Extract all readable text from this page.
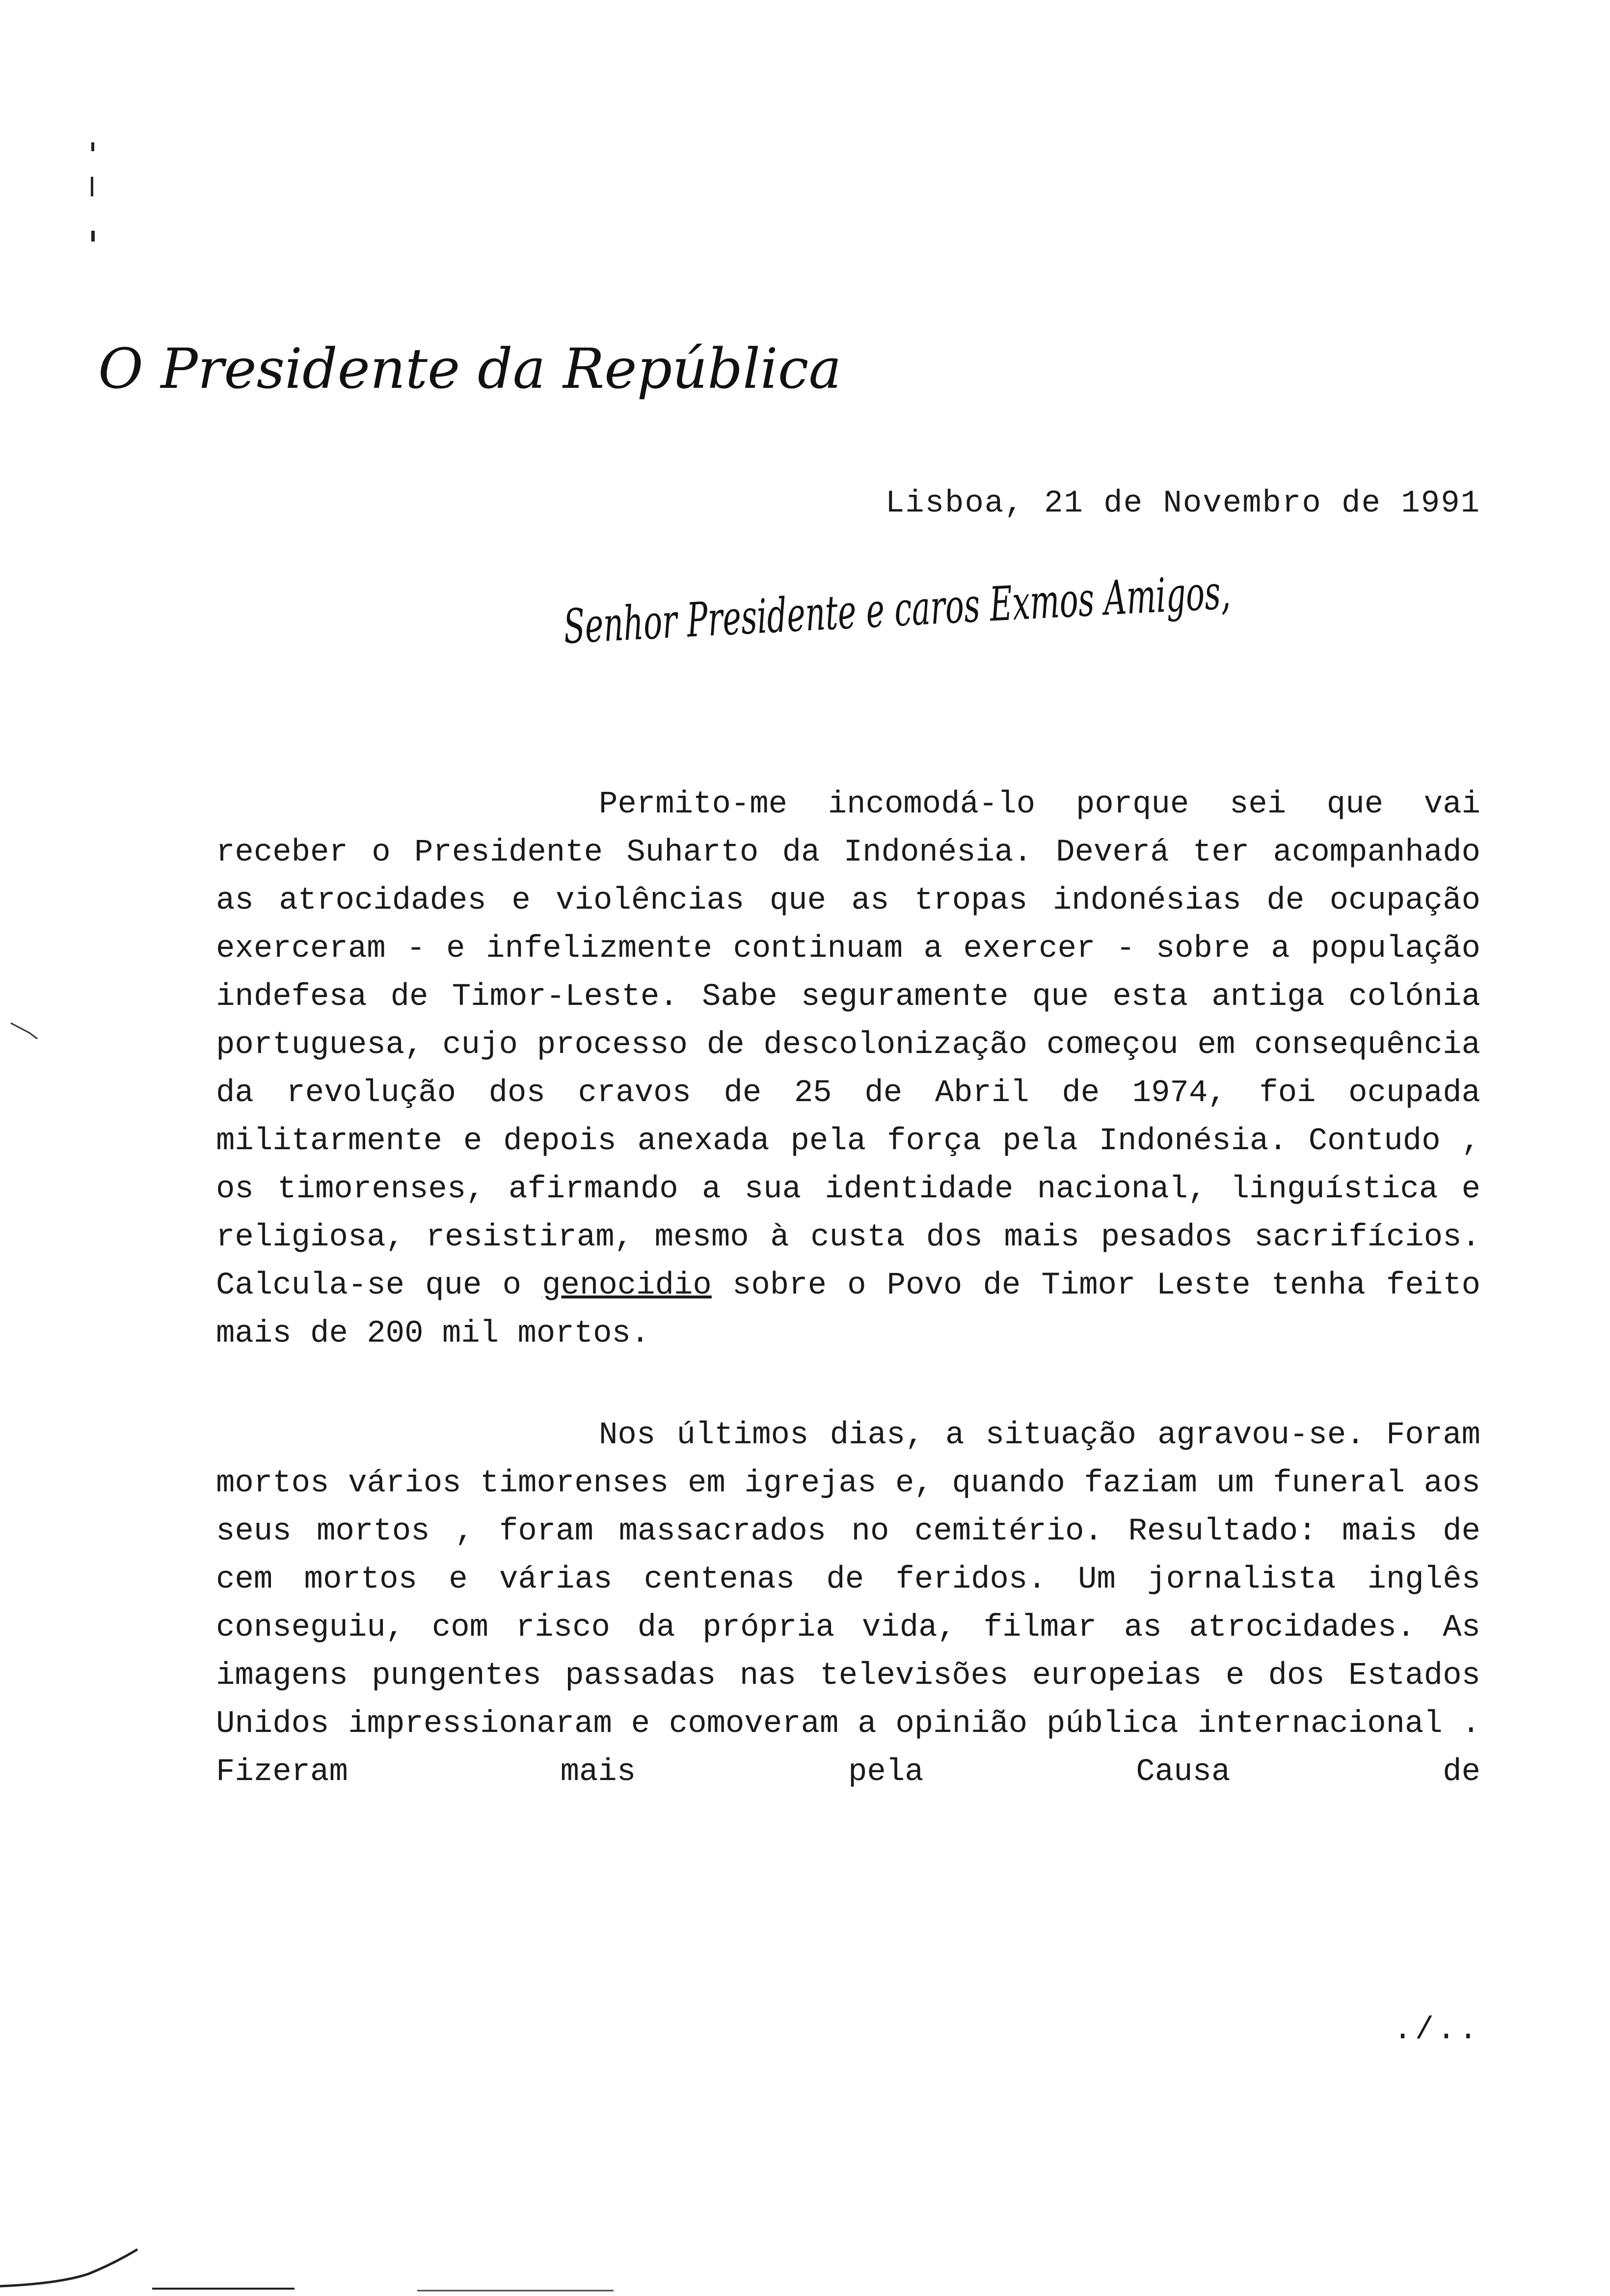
O Presidente da República
Lisboa, 21 de Novembro de 1991
Senhor Presidente e caros Exmos Amigos,

Permito-me incomodá-lo porque sei que vai receber o Presidente Suharto da Indonésia. Deverá ter acompanhado as atrocidades e violências que as tropas indonésias de ocupação exerceram - e infelizmente continuam a exercer - sobre a população indefesa de Timor-Leste. Sabe seguramente que esta antiga colónia portuguesa, cujo processo de descolonização começou em consequência da revolução dos cravos de 25 de Abril de 1974, foi ocupada militarmente e depois anexada pela força pela Indonésia. Contudo , os timorenses, afirmando a sua identidade nacional, linguística e religiosa, resistiram, mesmo à custa dos mais pesados sacrifícios. Calcula-se que o genocidio sobre o Povo de Timor Leste tenha feito mais de 200 mil mortos.

Nos últimos dias, a situação agravou-se. Foram mortos vários timorenses em igrejas e, quando faziam um funeral aos seus mortos , foram massacrados no cemitério. Resultado: mais de cem mortos e várias centenas de feridos. Um jornalista inglês conseguiu, com risco da própria vida, filmar as atrocidades. As imagens pungentes passadas nas televisões europeias e dos Estados Unidos impressionaram e comoveram a opinião pública internacional . Fizeram mais pela Causa de

./..
